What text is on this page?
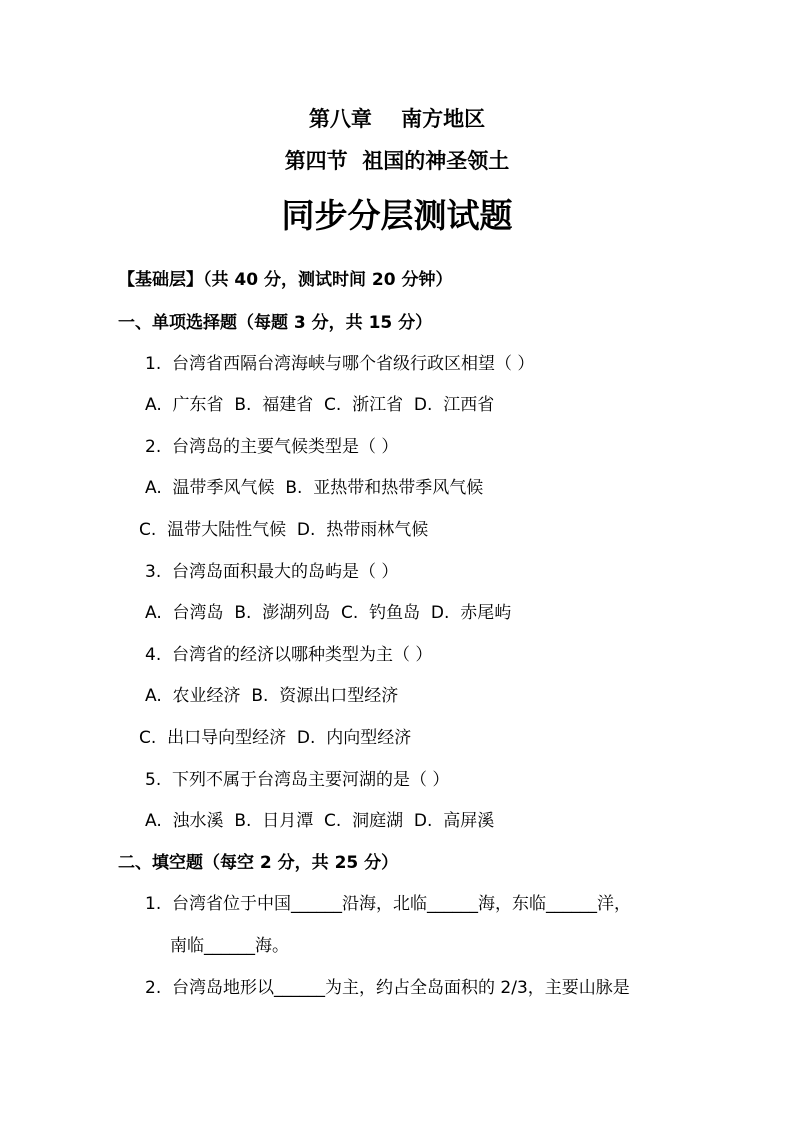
第八章    南方地区
第四节  祖国的神圣领土
同步分层测试题
【基础层】（共 40 分，测试时间 20 分钟）
一、单项选择题（每题 3 分，共 15 分）
1.  台湾省西隔台湾海峡与哪个省级行政区相望（ ）
A.  广东省  B.  福建省  C.  浙江省  D.  江西省
2.  台湾岛的主要气候类型是（ ）
A.  温带季风气候  B.  亚热带和热带季风气候
C.  温带大陆性气候  D.  热带雨林气候
3.  台湾岛面积最大的岛屿是（ ）
A.  台湾岛  B.  澎湖列岛  C.  钓鱼岛  D.  赤尾屿
4.  台湾省的经济以哪种类型为主（ ）
A.  农业经济  B.  资源出口型经济
C.  出口导向型经济  D.  内向型经济
5.  下列不属于台湾岛主要河湖的是（ ）
A.  浊水溪  B.  日月潭  C.  洞庭湖  D.  高屏溪
二、填空题（每空 2 分，共 25 分）
1.  台湾省位于中国______沿海，北临______海，东临______洋，
南临______海。
2.  台湾岛地形以______为主，约占全岛面积的 2/3，主要山脉是
